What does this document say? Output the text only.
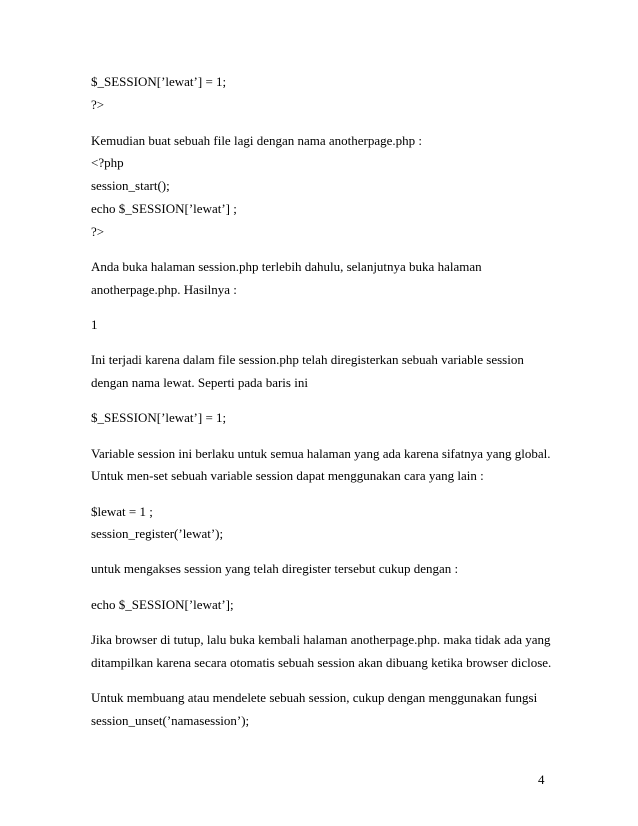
$_SESSION[’lewat’] = 1;
?>
Kemudian buat sebuah file lagi dengan nama anotherpage.php :
<?php
session_start();
echo $_SESSION[’lewat’] ;
?>
Anda buka halaman session.php terlebih dahulu, selanjutnya buka halaman
anotherpage.php. Hasilnya :
1
Ini terjadi karena dalam file session.php telah diregisterkan sebuah variable session
dengan nama lewat. Seperti pada baris ini
$_SESSION[’lewat’] = 1;
Variable session ini berlaku untuk semua halaman yang ada karena sifatnya yang global.
Untuk men-set sebuah variable session dapat menggunakan cara yang lain :
$lewat = 1 ;
session_register(’lewat’);
untuk mengakses session yang telah diregister tersebut cukup dengan :
echo $_SESSION[’lewat’];
Jika browser di tutup, lalu buka kembali halaman anotherpage.php. maka tidak ada yang
ditampilkan karena secara otomatis sebuah session akan dibuang ketika browser diclose.
Untuk membuang atau mendelete sebuah session, cukup dengan menggunakan fungsi
session_unset(’namasession’);
4
